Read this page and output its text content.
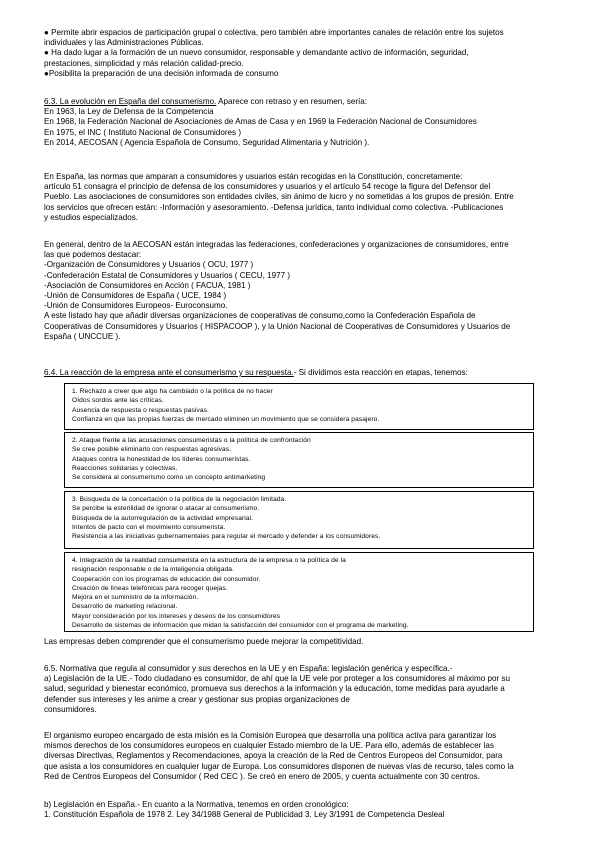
● Permite abrir espacios de participación grupal o colectiva, pero también abre importantes canales de relación entre los sujetos
individuales y las Administraciones Públicas.
● Ha dado lugar a la formación de un nuevo consumidor, responsable y demandante activo de información, seguridad,
prestaciones, simplicidad y más relación calidad-precio.
●Posibilita la preparación de una decisión informada de consumo
6.3. La evolución en España del consumerismo. Aparece con retraso y en resumen, sería:
En 1963, la Ley de Defensa de la Competencia
En 1968, la Federación Nacional de Asociaciones de Amas de Casa y en 1969 la Federación Nacional de Consumidores
En 1975, el INC ( Instituto Nacional de Consumidores )
En 2014, AECOSAN ( Agencia Española de Consumo, Seguridad Alimentaria y Nutrición ).
En España, las normas que amparan a consumidores y usuarios están recogidas en la Constitución, concretamente:
artículo 51 consagra el principio de defensa de los consumidores y usuarios y el artículo 54 recoge la figura del Defensor del
Pueblo. Las asociaciones de consumidores son entidades civiles, sin ánimo de lucro y no sometidas a los grupos de presión. Entre
los servicios que ofrecen están: -Información y asesoramiento. -Defensa jurídica, tanto individual como colectiva. -Publicaciones
y estudios especializados.
En general, dentro de la AECOSAN están integradas las federaciones, confederaciones y organizaciones de consumidores, entre
las que podemos destacar:
-Organización de Consumidores y Usuarios ( OCU, 1977 )
-Confederación Estatal de Consumidores y Usuarios ( CECU, 1977 )
-Asociación de Consumidores en Acción ( FACUA, 1981 )
-Unión de Consumidores de España ( UCE, 1984 )
-Unión de Consumidores Europeos- Euroconsumo.
A este listado hay que añadir diversas organizaciones de cooperativas de consumo,como la Confederación Española de
Cooperativas de Consumidores y Usuarios ( HISPACOOP ), y la Unión Nacional de Cooperativas de Consumidores y Usuarios de
España ( UNCCUE ).
6.4. La reacción de la empresa ante el consumerismo y su respuesta.- Si dividimos esta reacción en etapas, tenemos:
1. Rechazo a creer que algo ha cambiado o la política de no hacer
Oídos sordos ante las críticas.
Ausencia de respuesta o respuestas pasivas.
Confianza en que las propias fuerzas de mercado eliminen un movimiento que se considera pasajero.
2. Ataque frente a las acusaciones consumeristas o la política de confrontación
Se cree posible eliminarlo con respuestas agresivas.
Ataques contra la honestidad de los líderes consumeristas.
Reacciones solidarias y colectivas.
Se considera al consumerismo como un concepto antimarketing
3. Búsqueda de la concertación o la política de la negociación limitada.
Se percibe la esterilidad de ignorar o atacar al consumerismo.
Búsqueda de la autorregulación de la actividad empresarial.
Intentos de pacto con el movimiento consumerista.
Resistencia a las iniciativas gubernamentales para regular el mercado y defender a los consumidores.
4. Integración de la realidad consumerista en la estructura de la empresa o la política de la
resignación responsable o de la inteligencia obligada.
Cooperación con los programas de educación del consumidor.
Creación de líneas telefónicas para recoger quejas.
Mejora en el suministro de la información.
Desarrollo de marketing relacional.
Mayor consideración por los intereses y deseos de los consumidores
Desarrollo de sistemas de información que midan la satisfacción del consumidor con el programa de marketing.
Las empresas deben comprender que el consumerismo puede mejorar la competitividad.
6.5. Normativa que regula al consumidor y sus derechos en la UE y en España: legislación genérica y específica.-
a) Legislación de la UE.- Todo ciudadano es consumidor, de ahí que la UE vele por proteger a los consumidores al máximo por su
salud, seguridad y bienestar económico, promueva sus derechos a la información y la educación, tome medidas para ayudarle a
defender sus intereses y les anime a crear y gestionar sus propias organizaciones de
consumidores.
El organismo europeo encargado de esta misión es la Comisión Europea que desarrolla una política activa para garantizar los
mismos derechos de los consumidores europeos en cualquier Estado miembro de la UE. Para ello, además de establecer las
diversas Directivas, Reglamentos y Recomendaciones, apoya la creación de la Red de Centros Europeos del Consumidor, para
que asista a los consumidores en cualquier lugar de Europa. Los consumidores disponen de nuevas vías de recurso, tales como la
Red de Centros Europeos del Consumidor ( Red CEC ). Se creó en enero de 2005, y cuenta actualmente con 30 centros.
b) Legislación en España.- En cuanto a la Normativa, tenemos en orden cronológico:
1. Constitución Española de 1978 2. Ley 34/1988 General de Publicidad 3. Ley 3/1991 de Competencia Desleal
